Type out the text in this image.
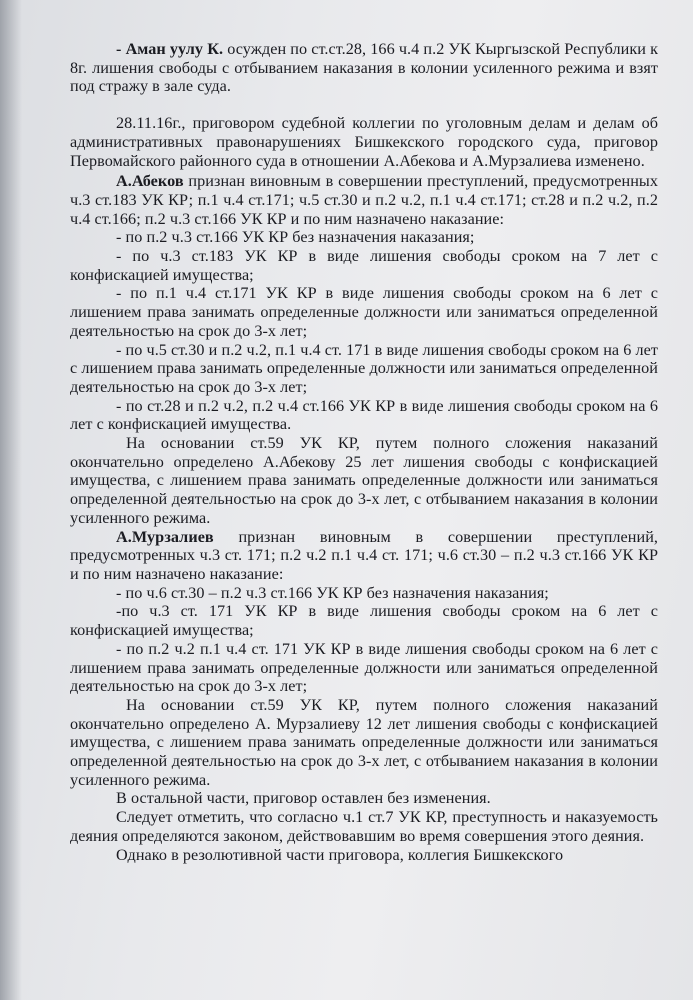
- Аман уулу К. осужден по ст.ст.28, 166 ч.4 п.2 УК Кыргызской Республики к 8г. лишения свободы с отбыванием наказания в колонии усиленного режима и взят под стражу в зале суда.

28.11.16г., приговором судебной коллегии по уголовным делам и делам об административных правонарушениях Бишкекского городского суда, приговор Первомайского районного суда в отношении А.Абекова и А.Мурзалиева изменено.

А.Абеков признан виновным в совершении преступлений, предусмотренных ч.3 ст.183 УК КР; п.1 ч.4 ст.171; ч.5 ст.30 и п.2 ч.2, п.1 ч.4 ст.171; ст.28 и п.2 ч.2, п.2 ч.4 ст.166; п.2 ч.3 ст.166 УК КР и по ним назначено наказание:

- по п.2 ч.3 ст.166 УК КР без назначения наказания;

- по ч.3 ст.183 УК КР в виде лишения свободы сроком на 7 лет с конфискацией имущества;

- по п.1 ч.4 ст.171 УК КР в виде лишения свободы сроком на 6 лет с лишением права занимать определенные должности или заниматься определенной деятельностью на срок до 3-х лет;

- по ч.5 ст.30 и п.2 ч.2, п.1 ч.4 ст. 171 в виде лишения свободы сроком на 6 лет с лишением права занимать определенные должности или заниматься определенной деятельностью на срок до 3-х лет;

- по ст.28 и п.2 ч.2, п.2 ч.4 ст.166 УК КР в виде лишения свободы сроком на 6 лет с конфискацией имущества.

На основании ст.59 УК КР, путем полного сложения наказаний окончательно определено А.Абекову 25 лет лишения свободы с конфискацией имущества, с лишением права занимать определенные должности или заниматься определенной деятельностью на срок до 3-х лет, с отбыванием наказания в колонии усиленного режима.

А.Мурзалиев признан виновным в совершении преступлений, предусмотренных ч.3 ст. 171; п.2 ч.2 п.1 ч.4 ст. 171; ч.6 ст.30 – п.2 ч.3 ст.166 УК КР и по ним назначено наказание:

- по ч.6 ст.30 – п.2 ч.3 ст.166 УК КР без назначения наказания;

-по ч.3 ст. 171 УК КР в виде лишения свободы сроком на 6 лет с конфискацией имущества;

- по п.2 ч.2 п.1 ч.4 ст. 171 УК КР в виде лишения свободы сроком на 6 лет с лишением права занимать определенные должности или заниматься определенной деятельностью на срок до 3-х лет;

На основании ст.59 УК КР, путем полного сложения наказаний окончательно определено А. Мурзалиеву 12 лет лишения свободы с конфискацией имущества, с лишением права занимать определенные должности или заниматься определенной деятельностью на срок до 3-х лет, с отбыванием наказания в колонии усиленного режима.

В остальной части, приговор оставлен без изменения.

Следует отметить, что согласно ч.1 ст.7 УК КР, преступность и наказуемость деяния определяются законом, действовавшим во время совершения этого деяния.

Однако в резолютивной части приговора, коллегия Бишкекского
